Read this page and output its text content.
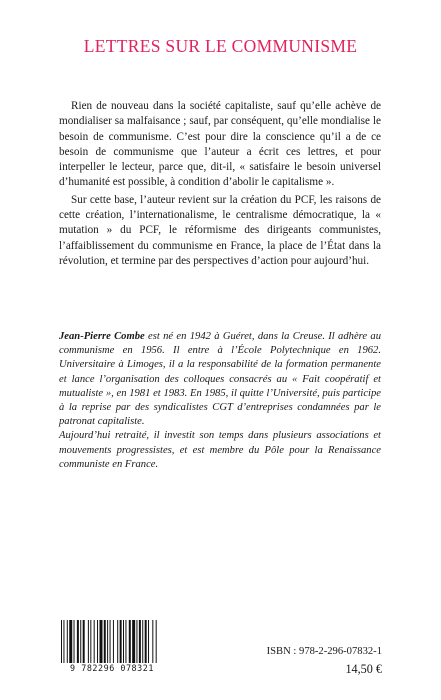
LETTRES SUR LE COMMUNISME

Rien de nouveau dans la société capitaliste, sauf qu’elle achève de mondialiser sa malfaisance ; sauf, par conséquent, qu’elle mondialise le besoin de communisme. C’est pour dire la conscience qu’il a de ce besoin de communisme que l’auteur a écrit ces lettres, et pour interpeller le lecteur, parce que, dit-il, « satisfaire le besoin universel d’humanité est possible, à condition d’abolir le capitalisme ».

Sur cette base, l’auteur revient sur la création du PCF, les raisons de cette création, l’internationalisme, le centralisme démocratique, la « mutation » du PCF, le réformisme des dirigeants communistes, l’affaiblissement du communisme en France, la place de l’État dans la révolution, et termine par des perspectives d’action pour aujourd’hui.

Jean-Pierre Combe est né en 1942 à Guéret, dans la Creuse. Il adhère au communisme en 1956. Il entre à l’École Polytechnique en 1962. Universitaire à Limoges, il a la responsabilité de la formation permanente et lance l’organisation des colloques consacrés au « Fait coopératif et mutualiste », en 1981 et 1983. En 1985, il quitte l’Université, puis participe à la reprise par des syndicalistes CGT d’entreprises condamnées par le patronat capitaliste.

Aujourd’hui retraité, il investit son temps dans plusieurs associations et mouvements progressistes, et est membre du Pôle pour la Renaissance communiste en France.

9 782296 078321
ISBN : 978-2-296-07832-1
14,50 €
